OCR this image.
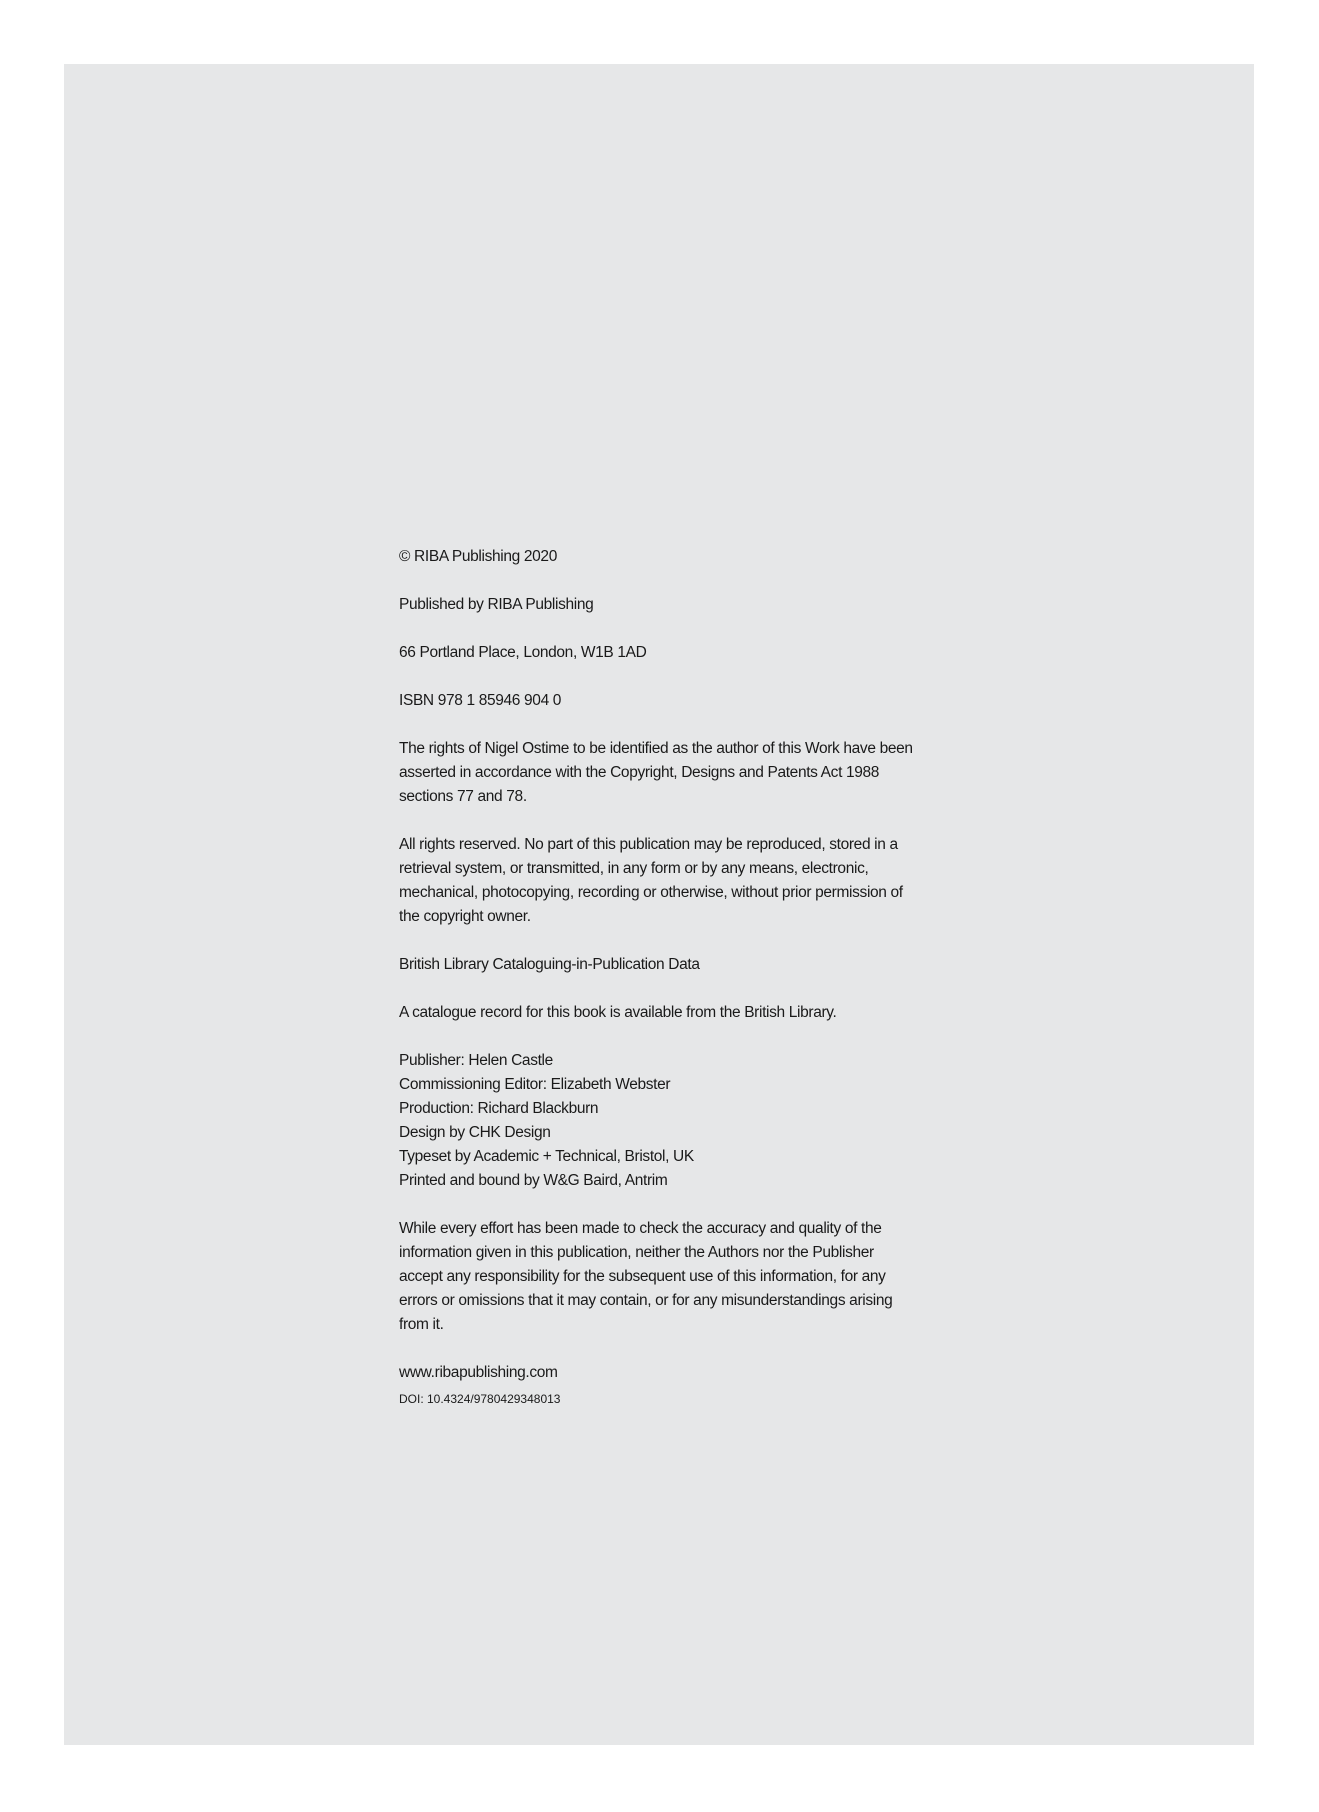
© RIBA Publishing 2020

Published by RIBA Publishing

66 Portland Place, London, W1B 1AD

ISBN 978 1 85946 904 0

The rights of Nigel Ostime to be identified as the author of this Work have been asserted in accordance with the Copyright, Designs and Patents Act 1988 sections 77 and 78.

All rights reserved. No part of this publication may be reproduced, stored in a retrieval system, or transmitted, in any form or by any means, electronic, mechanical, photocopying, recording or otherwise, without prior permission of the copyright owner.

British Library Cataloguing-in-Publication Data

A catalogue record for this book is available from the British Library.

Publisher: Helen Castle
Commissioning Editor: Elizabeth Webster
Production: Richard Blackburn
Design by CHK Design
Typeset by Academic + Technical, Bristol, UK
Printed and bound by W&G Baird, Antrim

While every effort has been made to check the accuracy and quality of the information given in this publication, neither the Authors nor the Publisher accept any responsibility for the subsequent use of this information, for any errors or omissions that it may contain, or for any misunderstandings arising from it.

www.ribapublishing.com

DOI: 10.4324/9780429348013
